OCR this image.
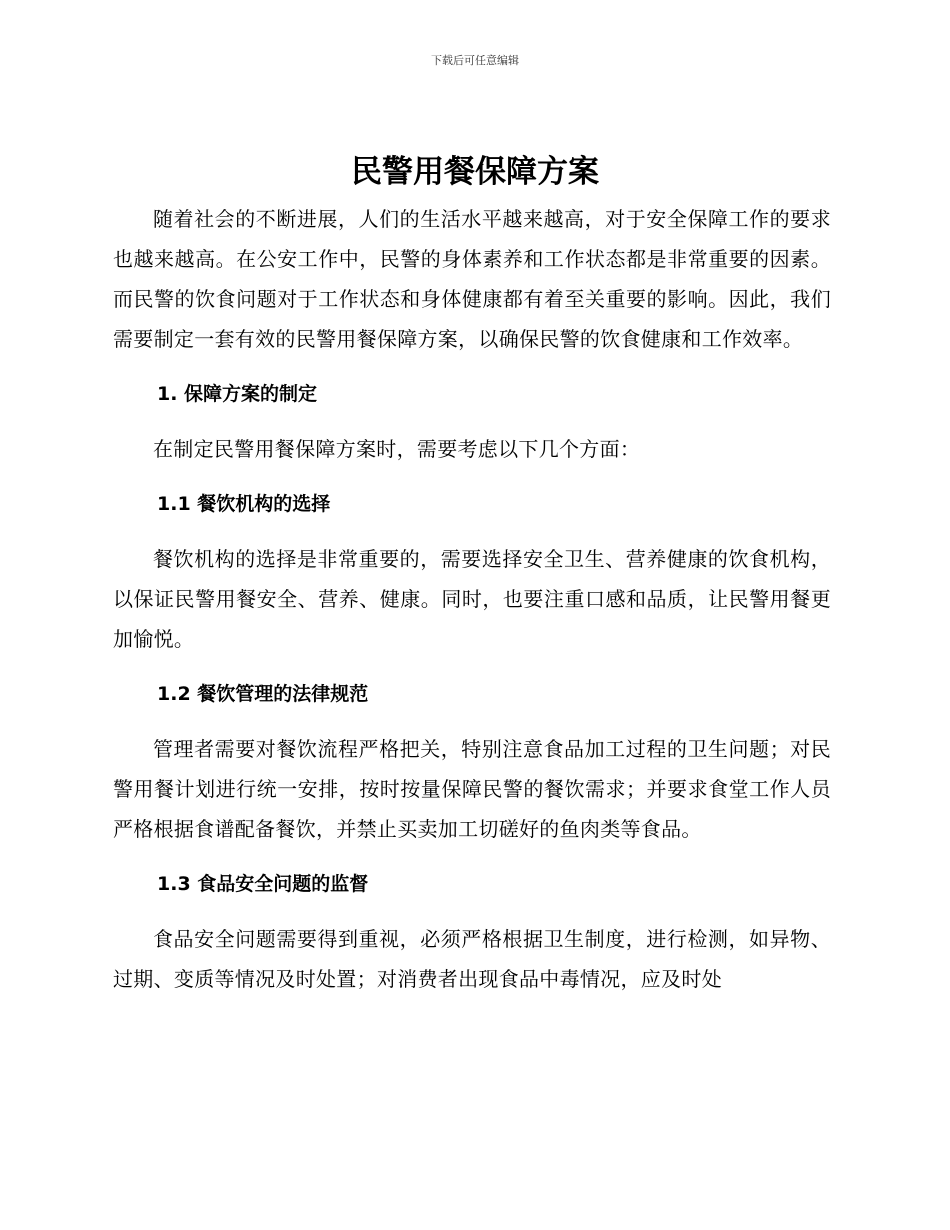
下载后可任意编辑
民警用餐保障方案

随着社会的不断进展，人们的生活水平越来越高，对于安全保障工作的要求也越来越高。在公安工作中，民警的身体素养和工作状态都是非常重要的因素。而民警的饮食问题对于工作状态和身体健康都有着至关重要的影响。因此，我们需要制定一套有效的民警用餐保障方案，以确保民警的饮食健康和工作效率。

1. 保障方案的制定

在制定民警用餐保障方案时，需要考虑以下几个方面：

1.1 餐饮机构的选择

餐饮机构的选择是非常重要的，需要选择安全卫生、营养健康的饮食机构，以保证民警用餐安全、营养、健康。同时，也要注重口感和品质，让民警用餐更加愉悦。

1.2 餐饮管理的法律规范

管理者需要对餐饮流程严格把关，特别注意食品加工过程的卫生问题；对民警用餐计划进行统一安排，按时按量保障民警的餐饮需求；并要求食堂工作人员严格根据食谱配备餐饮，并禁止买卖加工切磋好的鱼肉类等食品。

1.3 食品安全问题的监督

食品安全问题需要得到重视，必须严格根据卫生制度，进行检测，如异物、过期、变质等情况及时处置；对消费者出现食品中毒情况，应及时处
